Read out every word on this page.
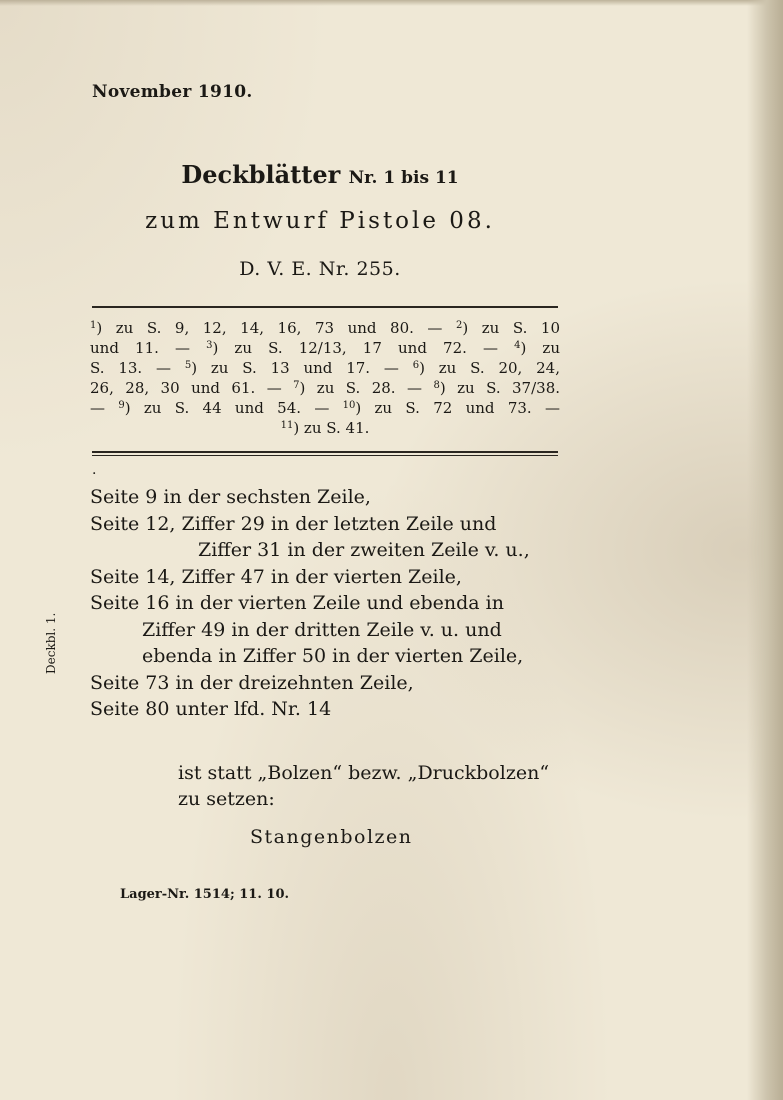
November 1910.
Deckblätter Nr. 1 bis 11
zum Entwurf Pistole 08.
D. V. E. Nr. 255.
$^1$) zu S. 9, 12, 14, 16, 73 und 80. — $^2$) zu S. 10
und 11. — $^3$) zu S. 12/13, 17 und 72. — $^4$) zu
S. 13. — $^5$) zu S. 13 und 17. — $^6$) zu S. 20, 24,
26, 28, 30 und 61. — $^7$) zu S. 28. — $^8$) zu S. 37/38.
— $^9$) zu S. 44 und 54. — $^{10}$) zu S. 72 und 73. —
$^{11}$) zu S. 41.
·
Seite 9 in der sechsten Zeile,
Seite 12, Ziffer 29 in der letzten Zeile und
Ziffer 31 in der zweiten Zeile v. u.,
Seite 14, Ziffer 47 in der vierten Zeile,
Seite 16 in der vierten Zeile und ebenda in
Ziffer 49 in der dritten Zeile v. u. und
ebenda in Ziffer 50 in der vierten Zeile,
Seite 73 in der dreizehnten Zeile,
Seite 80 unter lfd. Nr. 14
ist statt „Bolzen“ bezw. „Druckbolzen“
zu setzen:
Stangenbolzen
Lager-Nr. 1514; 11. 10.
Deckbl. 1.
